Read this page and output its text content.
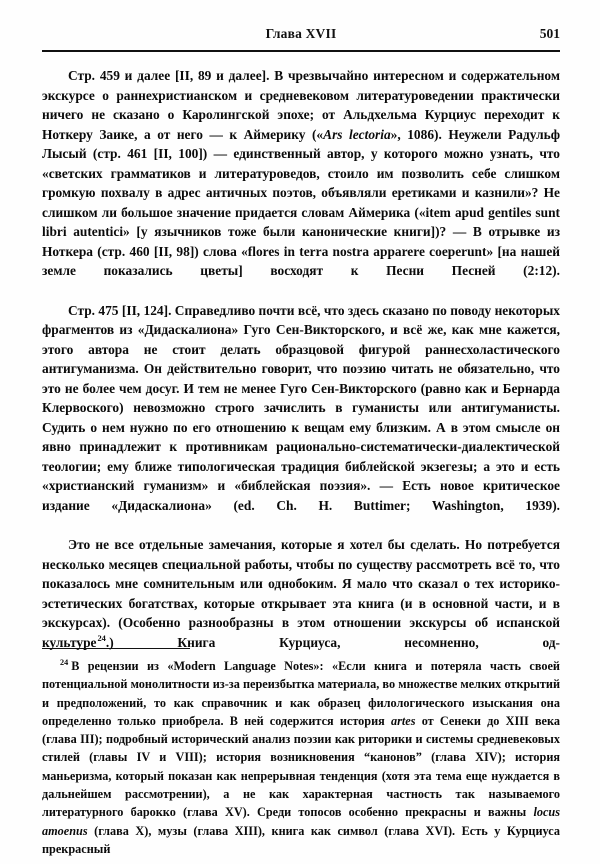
Глава XVII	501

Стр. 459 и далее [II, 89 и далее]. В чрезвычайно интересном и содержательном экскурсе о раннехристианском и средневековом литературоведении практически ничего не сказано о Каролингской эпохе; от Альдхельма Курциус переходит к Ноткеру Заике, а от него — к Аймерику («Ars lectoria», 1086). Неужели Радульф Лысый (стр. 461 [II, 100]) — единственный автор, у которого можно узнать, что «светских грамматиков и литературоведов, стоило им позволить себе слишком громкую похвалу в адрес античных поэтов, объявляли еретиками и казнили»? Не слишком ли большое значение придается словам Аймерика («item apud gentiles sunt libri autentici» [у язычников тоже были канонические книги])? — В отрывке из Ноткера (стр. 460 [II, 98]) слова «flores in terra nostra apparere coeperunt» [на нашей земле показались цветы] восходят к Песни Песней (2:12).

Стр. 475 [II, 124]. Справедливо почти всё, что здесь сказано по поводу некоторых фрагментов из «Дидаскалиона» Гуго Сен-Викторского, и всё же, как мне кажется, этого автора не стоит делать образцовой фигурой раннесхоластического антигуманизма. Он действительно говорит, что поэзию читать не обязательно, что это не более чем досуг. И тем не менее Гуго Сен-Викторского (равно как и Бернарда Клервоского) невозможно строго зачислить в гуманисты или антигуманисты. Судить о нем нужно по его отношению к вещам ему близким. А в этом смысле он явно принадлежит к противникам рационально-систематически-диалектической теологии; ему ближе типологическая традиция библейской экзегезы; а это и есть «христианский гуманизм» и «библейская поэзия». — Есть новое критическое издание «Дидаскалиона» (ed. Ch. H. Buttimer; Washington, 1939).

Это не все отдельные замечания, которые я хотел бы сделать. Но потребуется несколько месяцев специальной работы, чтобы по существу рассмотреть всё то, что показалось мне сомнительным или однобоким. Я мало что сказал о тех историко-эстетических богатствах, которые открывает эта книга (и в основной части, и в экскурсах). (Особенно разнообразны в этом отношении экскурсы об испанской культуре$^{24}$.) Книга Курциуса, несомненно, од-

$^{24}$ В рецензии из «Modern Language Notes»: «Если книга и потеряла часть своей потенциальной монолитности из-за переизбытка материала, во множестве мелких открытий и предположений, то как справочник и как образец филологического изыскания она определенно только приобрела. В ней содержится история artes от Сенеки до XIII века (глава III); подробный исторический анализ поэзии как риторики и системы средневековых стилей (главы IV и VIII); история возникновения “канонов” (глава XIV); история маньеризма, который показан как непрерывная тенденция (хотя эта тема еще нуждается в дальнейшем рассмотрении), а не как характерная частность так называемого литературного барокко (глава XV). Среди топосов особенно прекрасны и важны locus amoenus (глава X), музы (глава XIII), книга как символ (глава XVI). Есть у Курциуса прекрасный
